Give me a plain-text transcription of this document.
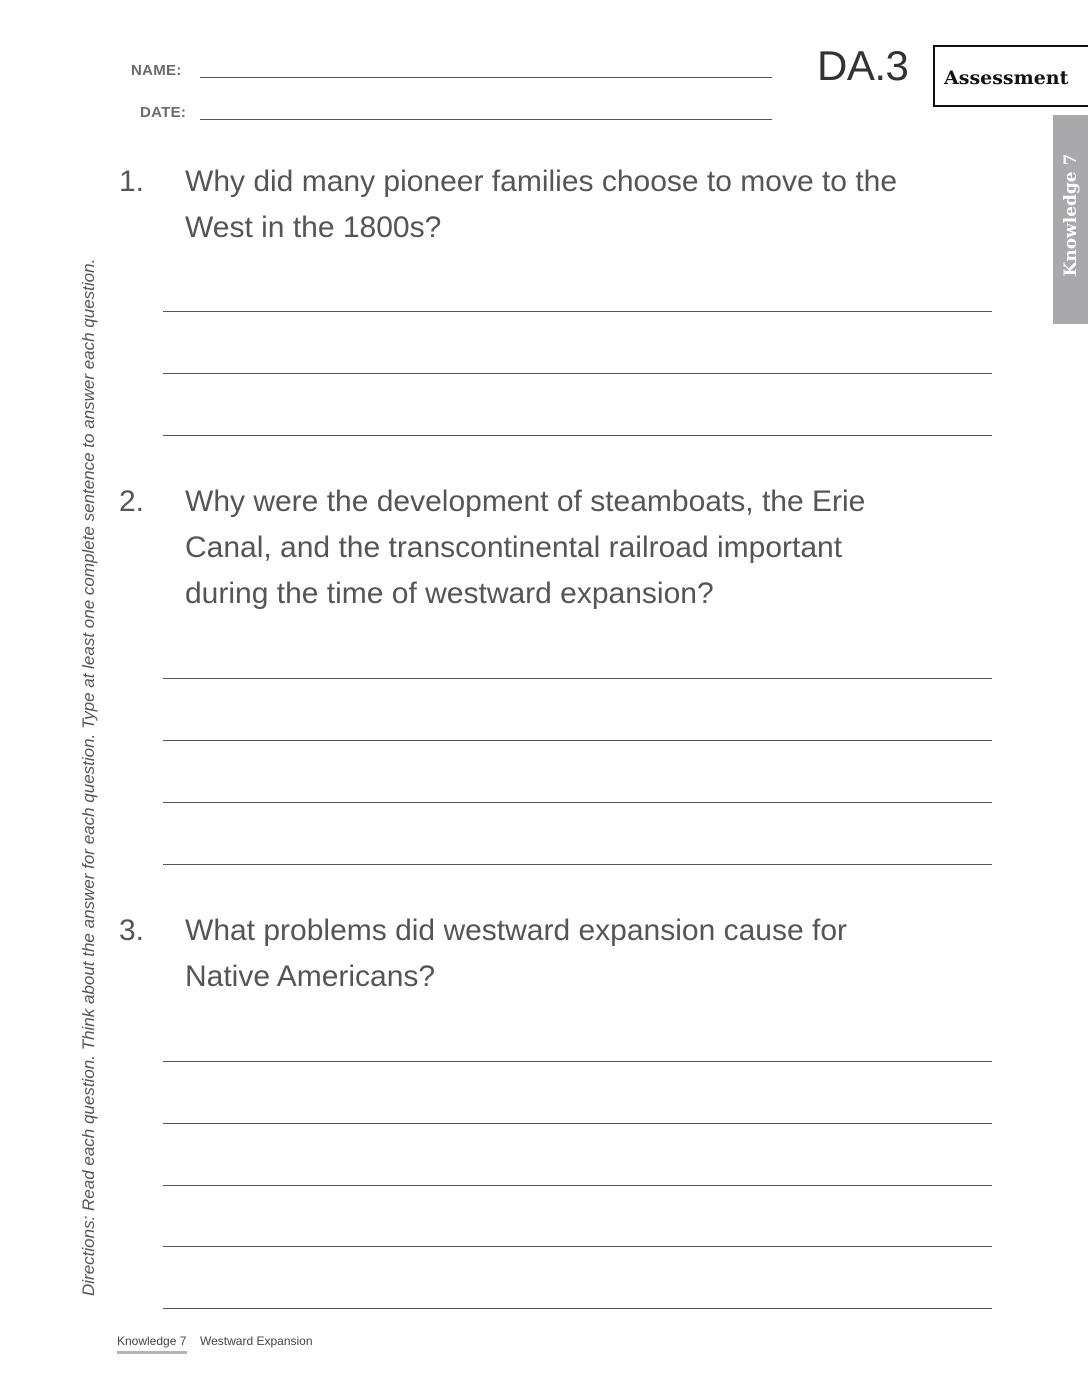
NAME:
DATE:
DA.3	Assessment
Knowledge 7
Directions: Read each question. Think about the answer for each question. Type at least one complete sentence to answer each question.
1. Why did many pioneer families choose to move to the
West in the 1800s?
2. Why were the development of steamboats, the Erie
Canal, and the transcontinental railroad important
during the time of westward expansion?
3. What problems did westward expansion cause for
Native Americans?
Knowledge 7 Westward Expansion
